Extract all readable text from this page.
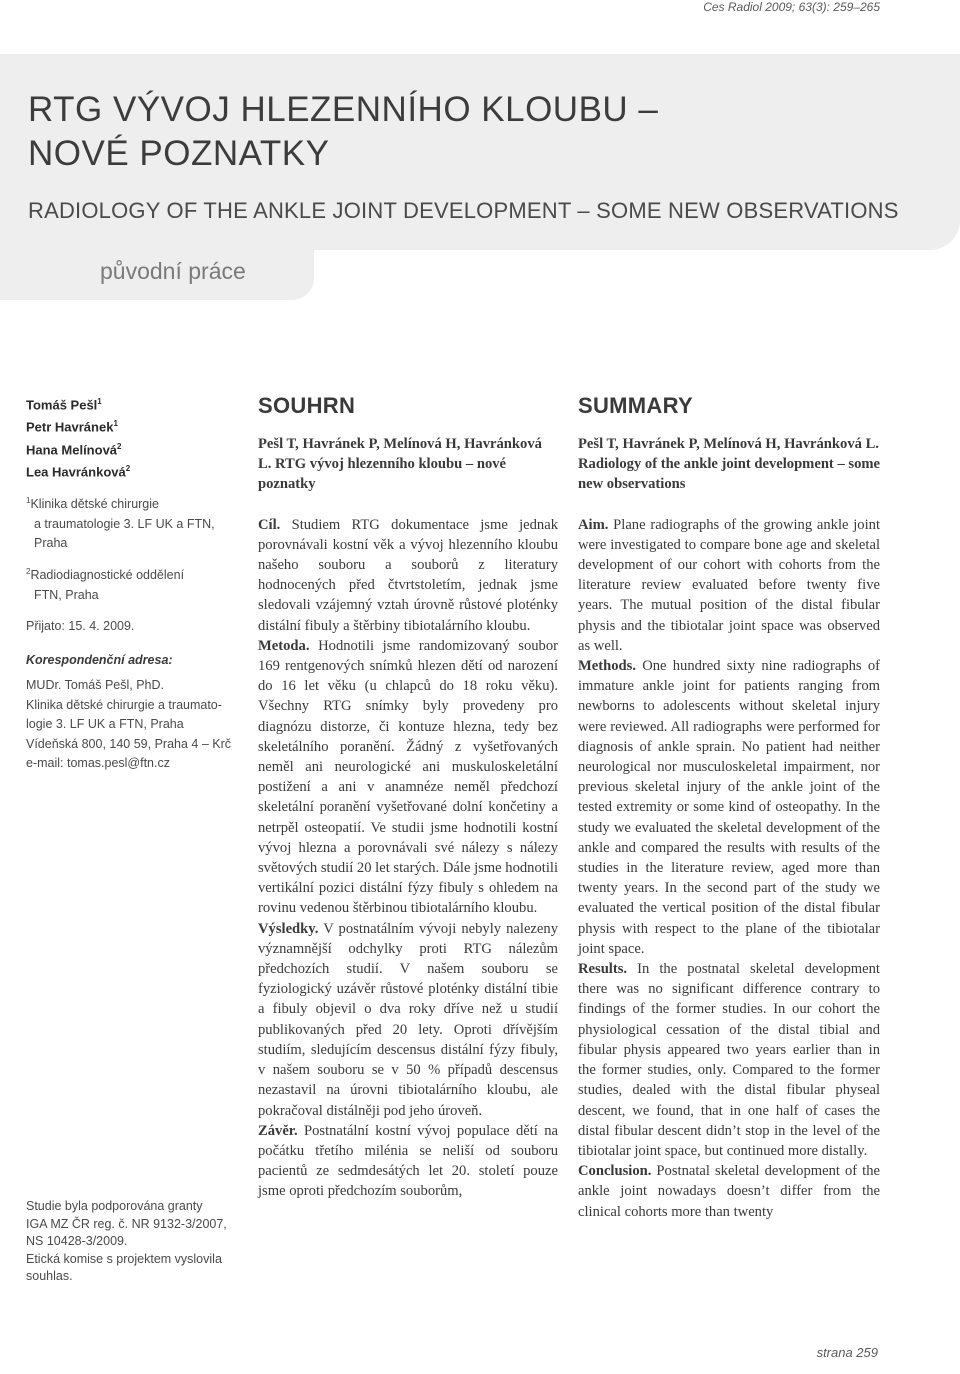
Ces Radiol 2009; 63(3): 259–265
RTG VÝVOJ HLEZENNÍHO KLOUBU –
NOVÉ POZNATKY
RADIOLOGY OF THE ANKLE JOINT DEVELOPMENT – SOME NEW OBSERVATIONS
původní práce
Tomáš Pešl$^1$
Petr Havránek$^1$
Hana Melínová$^2$
Lea Havránková$^2$
$^1$Klinika dětské chirurgie
a traumatologie 3. LF UK a FTN,
Praha
$^2$Radiodiagnostické oddělení
FTN, Praha
Přijato: 15. 4. 2009.
Korespondenční adresa:
MUDr. Tomáš Pešl, PhD.
Klinika dětské chirurgie a traumato-
logie 3. LF UK a FTN, Praha
Vídeňská 800, 140 59, Praha 4 – Krč
e-mail: tomas.pesl@ftn.cz
Studie byla podporována granty
IGA MZ ČR reg. č. NR 9132-3/2007,
NS 10428-3/2009.
Etická komise s projektem vyslovila
souhlas.
SOUHRN
Pešl T, Havránek P, Melínová H, Havránková L. RTG vývoj hlezenního kloubu – nové poznatky

Cíl. Studiem RTG dokumentace jsme jednak porovnávali kostní věk a vývoj hlezenního kloubu našeho souboru a souborů z literatury hodnocených před čtvrtstoletím, jednak jsme sledovali vzájemný vztah úrovně růstové ploténky distální fibuly a štěrbiny tibiotalárního kloubu.

Metoda. Hodnotili jsme randomizovaný soubor 169 rentgenových snímků hlezen dětí od narození do 16 let věku (u chlapců do 18 roku věku). Všechny RTG snímky byly provedeny pro diagnózu distorze, či kontuze hlezna, tedy bez skeletálního poranění. Žádný z vyšetřovaných neměl ani neurologické ani muskuloskeletální postižení a ani v anamnéze neměl předchozí skeletální poranění vyšetřované dolní končetiny a netrpěl osteopatií. Ve studii jsme hodnotili kostní vývoj hlezna a porovnávali své nálezy s nálezy světových studií 20 let starých. Dále jsme hodnotili vertikální pozici distální fýzy fibuly s ohledem na rovinu vedenou štěrbinou tibiotalárního kloubu.

Výsledky. V postnatálním vývoji nebyly nalezeny významnější odchylky proti RTG nálezům předchozích studií. V našem souboru se fyziologický uzávěr růstové ploténky distální tibie a fibuly objevil o dva roky dříve než u studií publikovaných před 20 lety. Oproti dřívějším studiím, sledujícím descensus distální fýzy fibuly, v našem souboru se v 50 % případů descensus nezastavil na úrovni tibiotalárního kloubu, ale pokračoval distálněji pod jeho úroveň.

Závěr. Postnatální kostní vývoj populace dětí na počátku třetího milénia se neliší od souboru pacientů ze sedmdesátých let 20. století pouze jsme oproti předchozím souborům,

SUMMARY
Pešl T, Havránek P, Melínová H, Havránková L. Radiology of the ankle joint development – some new observations

Aim. Plane radiographs of the growing ankle joint were investigated to compare bone age and skeletal development of our cohort with cohorts from the literature review evaluated before twenty five years. The mutual position of the distal fibular physis and the tibiotalar joint space was observed as well.

Methods. One hundred sixty nine radiographs of immature ankle joint for patients ranging from newborns to adolescents without skeletal injury were reviewed. All radiographs were performed for diagnosis of ankle sprain. No patient had neither neurological nor musculoskeletal impairment, nor previous skeletal injury of the ankle joint of the tested extremity or some kind of osteopathy. In the study we evaluated the skeletal development of the ankle and compared the results with results of the studies in the literature review, aged more than twenty years. In the second part of the study we evaluated the vertical position of the distal fibular physis with respect to the plane of the tibiotalar joint space.

Results. In the postnatal skeletal development there was no significant difference contrary to findings of the former studies. In our cohort the physiological cessation of the distal tibial and fibular physis appeared two years earlier than in the former studies, only. Compared to the former studies, dealed with the distal fibular physeal descent, we found, that in one half of cases the distal fibular descent didn’t stop in the level of the tibiotalar joint space, but continued more distally.

Conclusion. Postnatal skeletal development of the ankle joint nowadays doesn’t differ from the clinical cohorts more than twenty

strana 259
